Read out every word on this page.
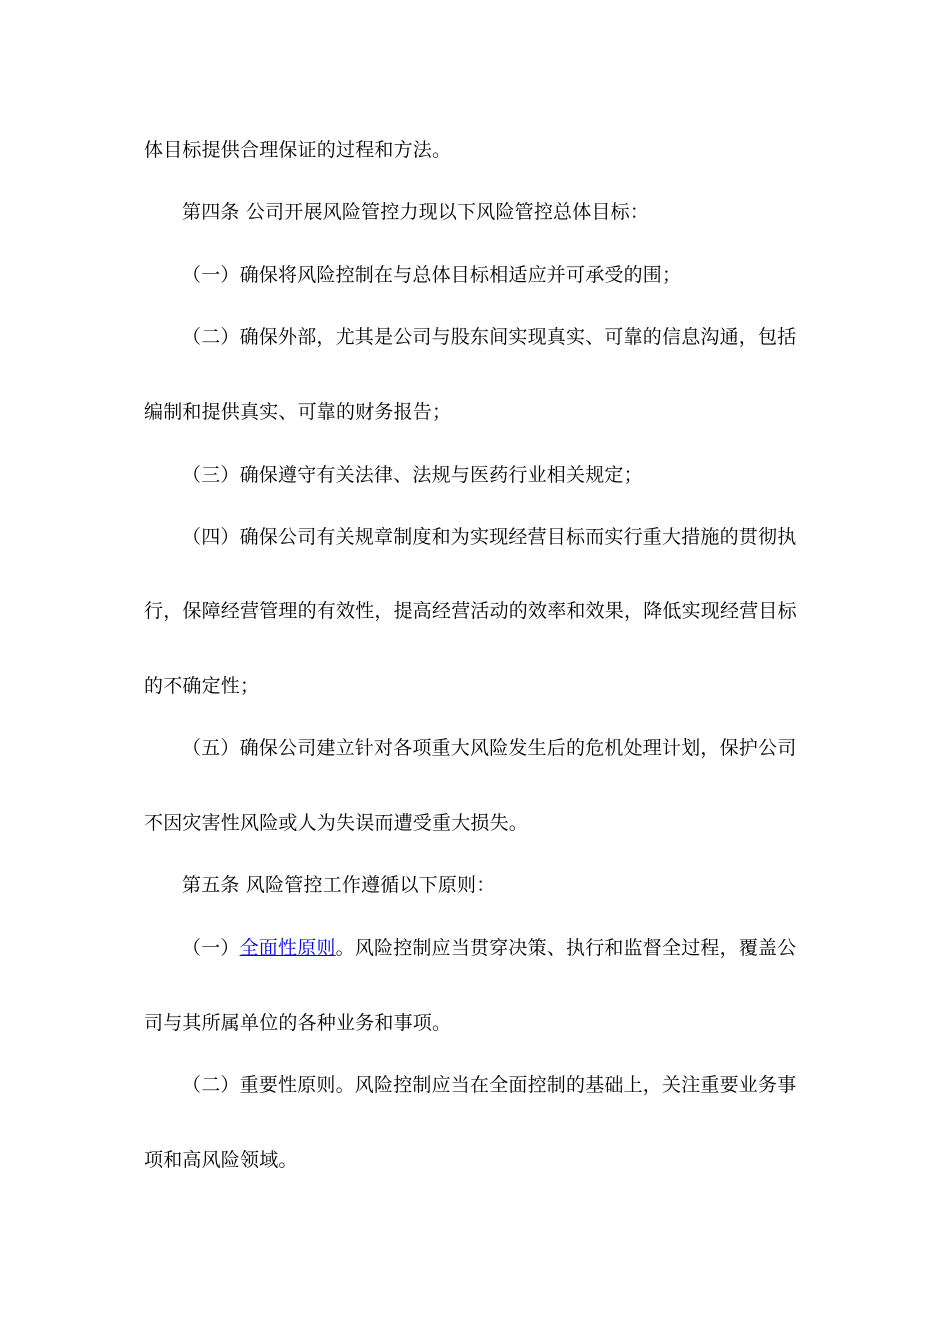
体目标提供合理保证的过程和方法。
第四条 公司开展风险管控力现以下风险管控总体目标：
（一）确保将风险控制在与总体目标相适应并可承受的围；
（二）确保外部，尤其是公司与股东间实现真实、可靠的信息沟通，包括
编制和提供真实、可靠的财务报告；
（三）确保遵守有关法律、法规与医药行业相关规定；
（四）确保公司有关规章制度和为实现经营目标而实行重大措施的贯彻执
行，保障经营管理的有效性，提高经营活动的效率和效果，降低实现经营目标
的不确定性；
（五）确保公司建立针对各项重大风险发生后的危机处理计划，保护公司
不因灾害性风险或人为失误而遭受重大损失。
第五条 风险管控工作遵循以下原则：
（一）全面性原则。风险控制应当贯穿决策、执行和监督全过程，覆盖公
司与其所属单位的各种业务和事项。
（二）重要性原则。风险控制应当在全面控制的基础上，关注重要业务事
项和高风险领域。
